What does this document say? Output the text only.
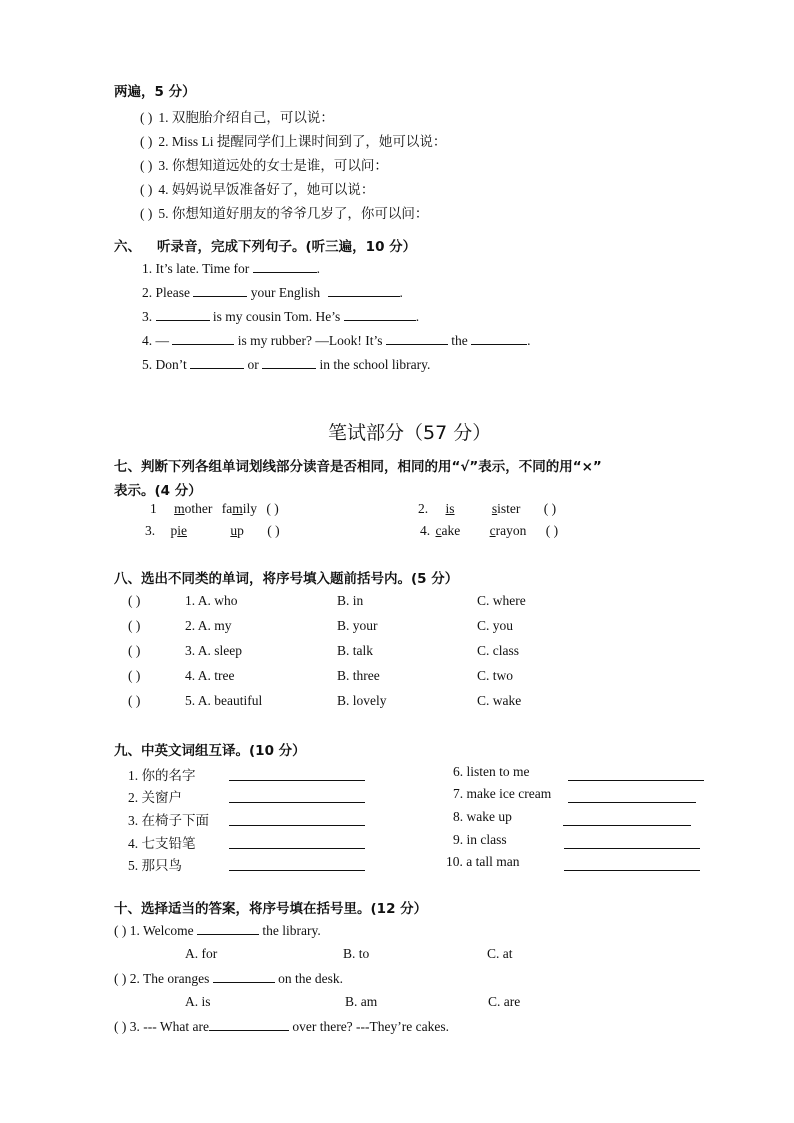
两遍，5 分）
( ) 1. 双胞胎介绍自己，可以说：
( ) 2. Miss Li 提醒同学们上课时间到了，她可以说：
( ) 3. 你想知道远处的女士是谁，可以问：
( ) 4. 妈妈说早饭准备好了，她可以说：
( ) 5. 你想知道好朋友的爷爷几岁了，你可以问：
六、 听录音，完成下列句子。(听三遍，10 分）
1. It’s late. Time for	.
2. Please	your English	.
3.	is my cousin Tom. He’s	.
4. —	is my rubber? —Look! It’s	the	.
5. Don’t	or	in the school library.
笔试部分（57 分）
七、判断下列各组单词划线部分读音是否相同，相同的用“√”表示，不同的用“×”
表示。(4 分）
1 mother family ( )	2. is	sister ( )
3. pie	up ( )	4. cake crayon ( )
八、选出不同类的单词，将序号填入题前括号内。(5 分）
( )	1. A. who	B. in	C. where
( )	2. A. my	B. your	C. you
( )	3. A. sleep	B. talk	C. class
( )	4. A. tree	B. three	C. two
( )	5. A. beautiful	B. lovely	C. wake
九、中英文词组互译。(10 分）
1. 你的名字	6. listen to me
2. 关窗户	7. make ice cream
3. 在椅子下面	8. wake up
4. 七支铅笔	9. in class
5. 那只鸟	10. a tall man
十、选择适当的答案，将序号填在括号里。(12 分）
( ) 1. Welcome	the library.
A. for	B. to	C. at
( ) 2. The oranges	on the desk.
A. is	B. am	C. are
( ) 3. --- What are	over there? ---They’re cakes.
